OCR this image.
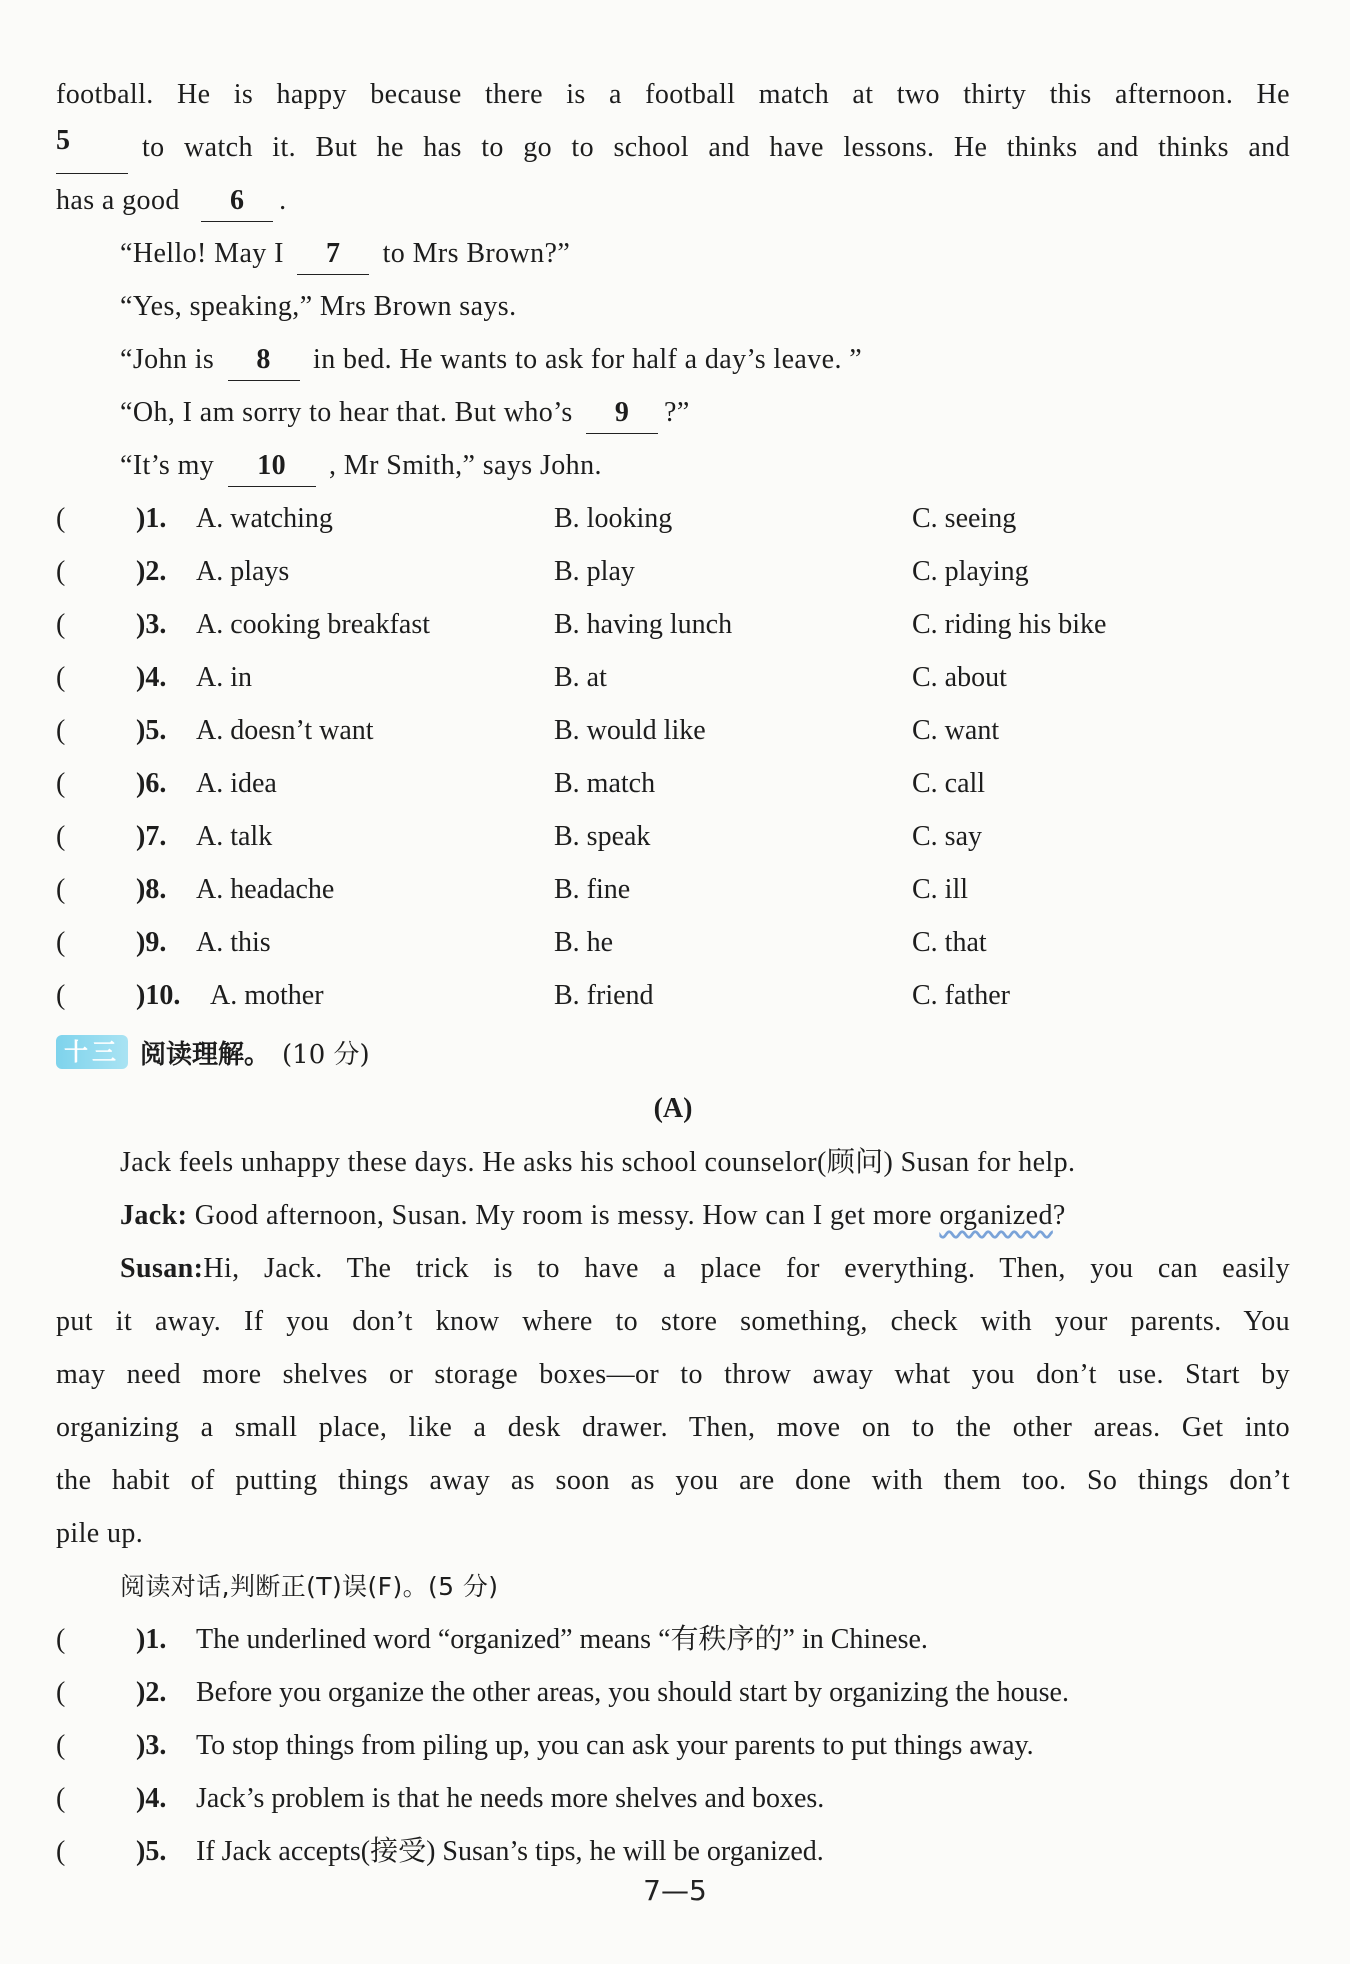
football. He is happy because there is a football match at two thirty this afternoon. He
5	to watch it. But he has to go to school and have lessons. He thinks and thinks and
has a good 6 .
“Hello! May I 7 to Mrs Brown?”
“Yes, speaking,” Mrs Brown says.
“John is 8 in bed. He wants to ask for half a day’s leave. ”
“Oh, I am sorry to hear that. But who’s 9 ?”
“It’s my 10 , Mr Smith,” says John.
(	)1. A. watching	B. looking	C. seeing
(	)2. A. plays	B. play	C. playing
(	)3. A. cooking breakfast	B. having lunch	C. riding his bike
(	)4. A. in	B. at	C. about
(	)5. A. doesn’t want	B. would like	C. want
(	)6. A. idea	B. match	C. call
(	)7. A. talk	B. speak	C. say
(	)8. A. headache	B. fine	C. ill
(	)9. A. this	B. he	C. that
(	)10. A. mother	B. friend	C. father
十三 阅读理解。 (10 分)
(A)
Jack feels unhappy these days. He asks his school counselor(顾问) Susan for help.
Jack: Good afternoon, Susan. My room is messy. How can I get more organized?
Susan: Hi, Jack. The trick is to have a place for everything. Then, you can easily
put it away. If you don’t know where to store something, check with your parents. You
may need more shelves or storage boxes—or to throw away what you don’t use. Start by
organizing a small place, like a desk drawer. Then, move on to the other areas. Get into
the habit of putting things away as soon as you are done with them too. So things don’t
pile up.
阅读对话,判断正(T)误(F)。(5 分)
(	)1. The underlined word “organized” means “有秩序的” in Chinese.
(	)2. Before you organize the other areas, you should start by organizing the house.
(	)3. To stop things from piling up, you can ask your parents to put things away.
(	)4. Jack’s problem is that he needs more shelves and boxes.
(	)5. If Jack accepts(接受) Susan’s tips, he will be organized.
7—5
